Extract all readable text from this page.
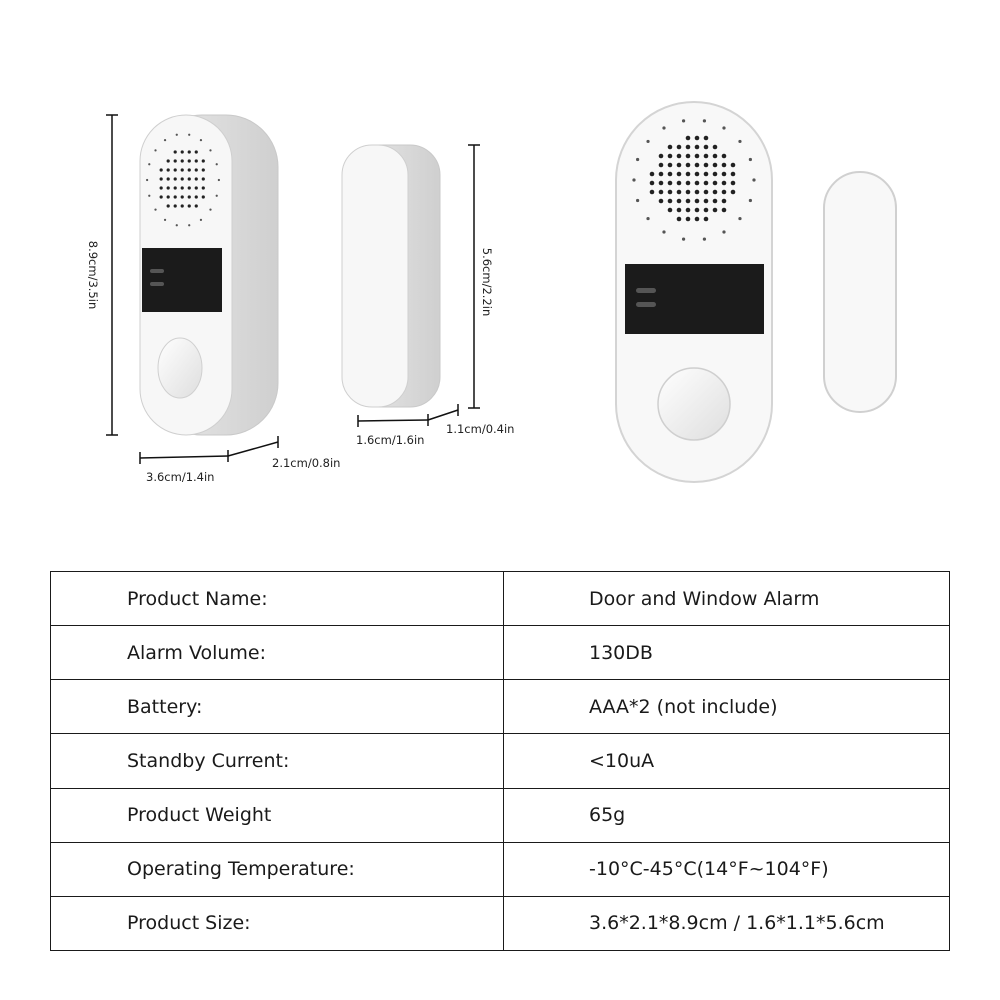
8.9cm/3.5in
3.6cm/1.4in
2.1cm/0.8in
5.6cm/2.2in
1.6cm/1.6in
1.1cm/0.4in
Product Name:	Door and Window Alarm
Alarm Volume:	130DB
Battery:	AAA*2 (not include)
Standby Current:	<10uA
Product Weight	65g
Operating Temperature:	-10°C-45°C(14°F~104°F)
Product Size:	3.6*2.1*8.9cm / 1.6*1.1*5.6cm
